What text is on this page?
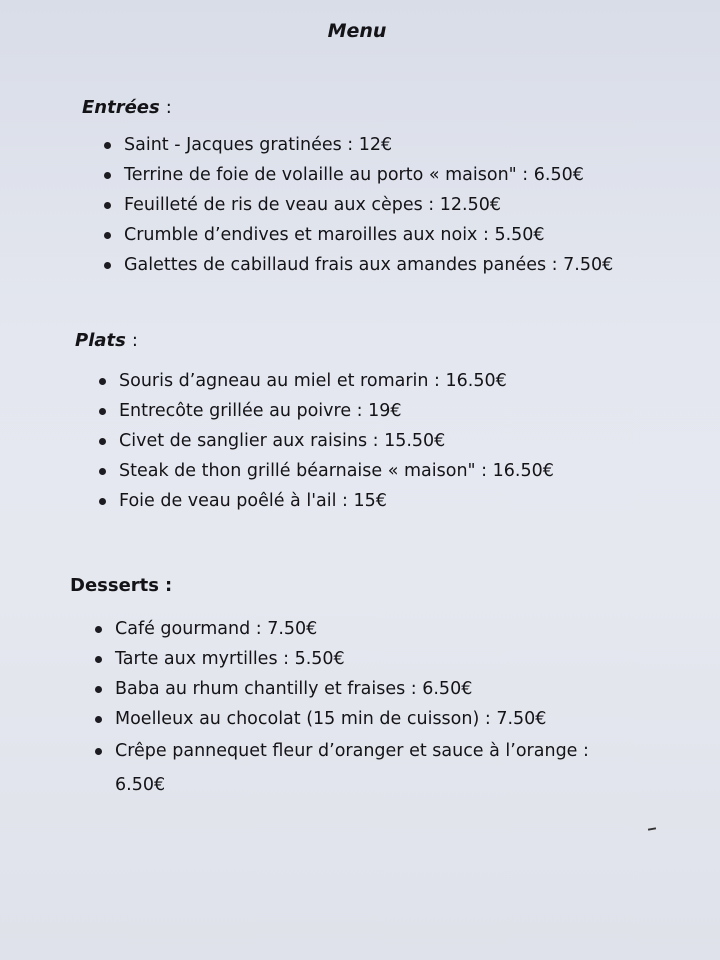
Menu
Entrées :
Saint - Jacques gratinées : 12€
Terrine de foie de volaille au porto « maison" : 6.50€
Feuilleté de ris de veau aux cèpes : 12.50€
Crumble d’endives et maroilles aux noix : 5.50€
Galettes de cabillaud frais aux amandes panées : 7.50€
Plats :
Souris d’agneau au miel et romarin : 16.50€
Entrecôte grillée au poivre : 19€
Civet de sanglier aux raisins : 15.50€
Steak de thon grillé béarnaise « maison" : 16.50€
Foie de veau poêlé à l'ail : 15€
Desserts :
Café gourmand : 7.50€
Tarte aux myrtilles : 5.50€
Baba au rhum chantilly et fraises : 6.50€
Moelleux au chocolat (15 min de cuisson) : 7.50€
Crêpe pannequet fleur d’oranger et sauce à l’orange : 6.50€
